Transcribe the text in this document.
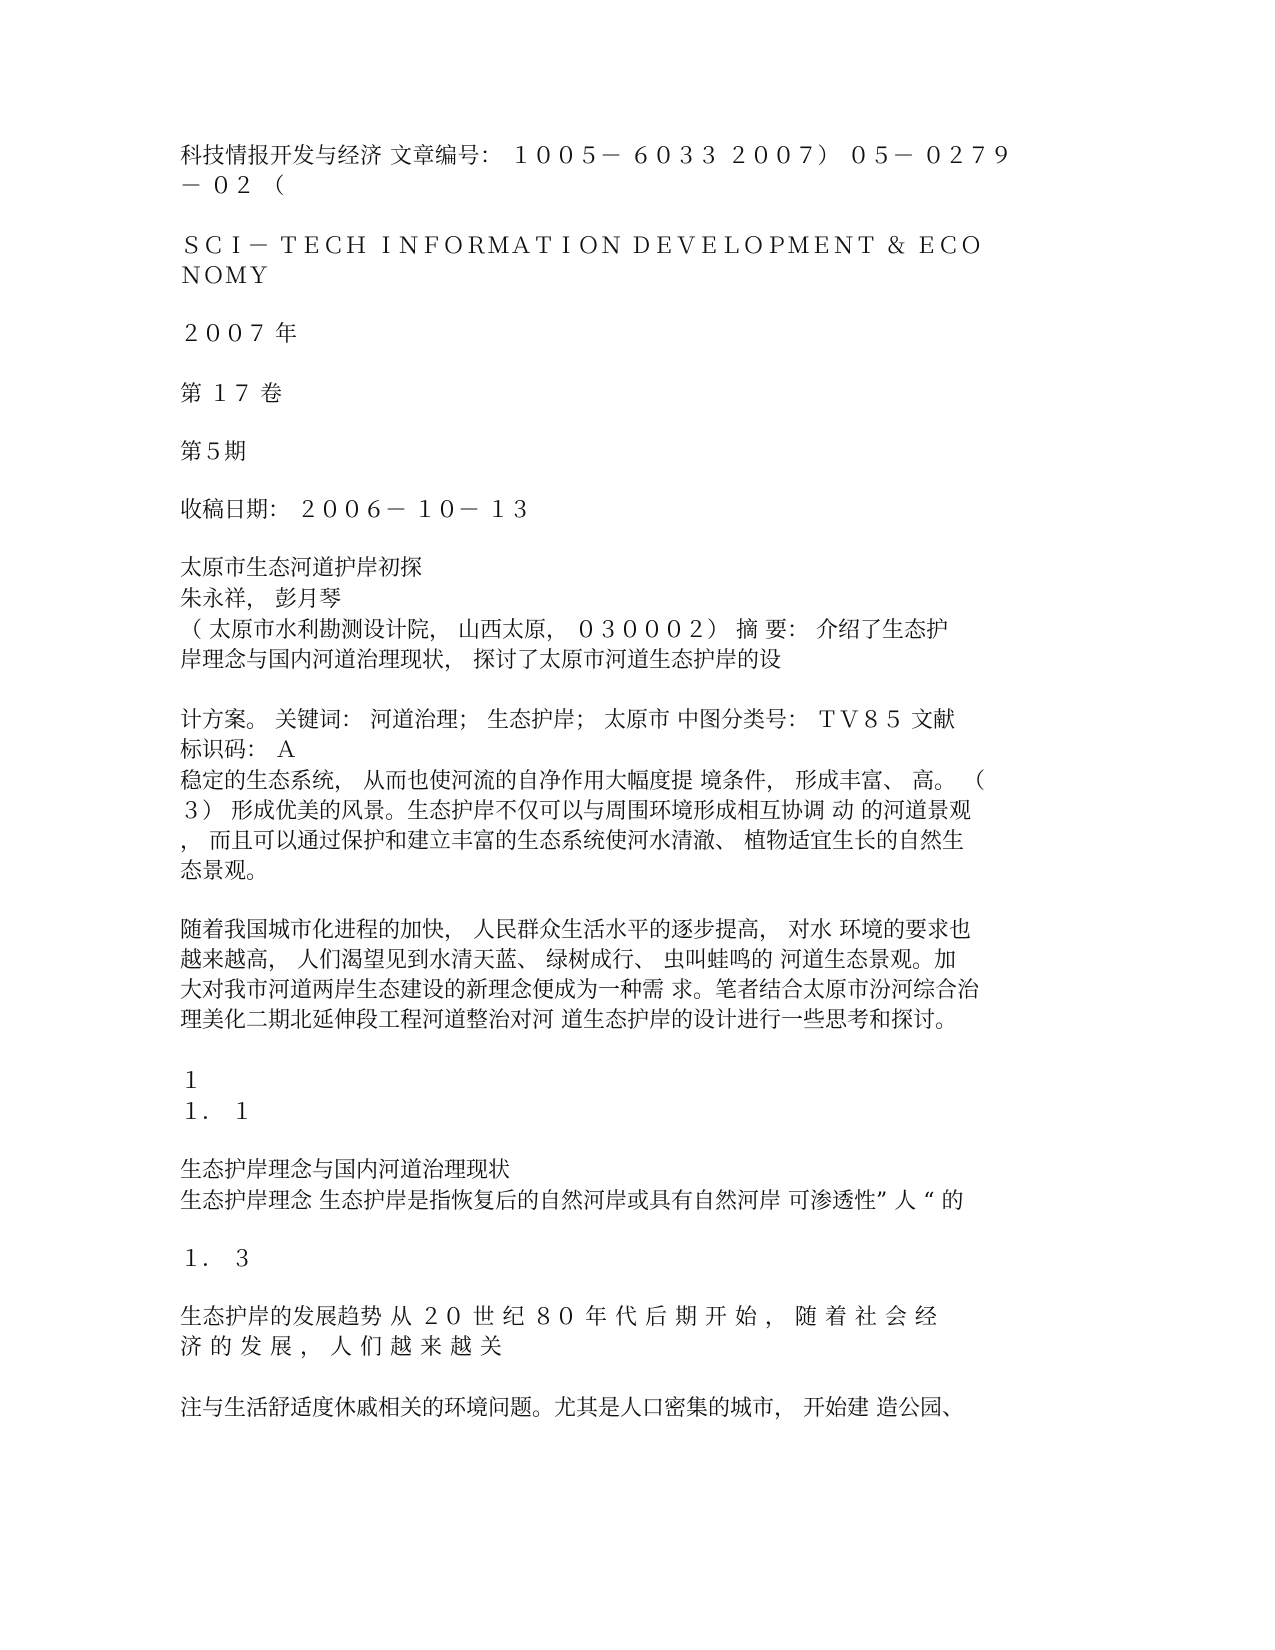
科技情报开发与经济 文章编号： １００５－ ６０３３ ２００７） ０５－ ０２７９
－ ０２ （
ＳＣＩ－ ＴＥＣＨ ＩＮＦＯＲＭＡＴＩＯＮ ＤＥＶＥＬＯＰＭＥＮＴ ＆ ＥＣＯ
ＮＯＭＹ
２００７ 年
第 １７ 卷
第５期
收稿日期： ２００６－ １０－ １３
太原市生态河道护岸初探
朱永祥， 彭月琴
（ 太原市水利勘测设计院， 山西太原， ０３０００２） 摘 要： 介绍了生态护
岸理念与国内河道治理现状， 探讨了太原市河道生态护岸的设
计方案。 关键词： 河道治理； 生态护岸； 太原市 中图分类号： ＴＶ８５ 文献
标识码： Ａ
稳定的生态系统， 从而也使河流的自净作用大幅度提 境条件， 形成丰富、 高。 （
３） 形成优美的风景。生态护岸不仅可以与周围环境形成相互协调 动 的河道景观
， 而且可以通过保护和建立丰富的生态系统使河水清澈、 植物适宜生长的自然生
态景观。
随着我国城市化进程的加快， 人民群众生活水平的逐步提高， 对水 环境的要求也
越来越高， 人们渴望见到水清天蓝、 绿树成行、 虫叫蛙鸣的 河道生态景观。加
大对我市河道两岸生态建设的新理念便成为一种需 求。笔者结合太原市汾河综合治
理美化二期北延伸段工程河道整治对河 道生态护岸的设计进行一些思考和探讨。
１
１． １
生态护岸理念与国内河道治理现状
生态护岸理念 生态护岸是指恢复后的自然河岸或具有自然河岸 可渗透性” 人 “ 的
１． ３
生态护岸的发展趋势 从 ２０ 世 纪 ８０ 年 代 后 期 开 始 ， 随 着 社 会 经
济 的 发 展 ， 人 们 越 来 越 关
注与生活舒适度休戚相关的环境问题。尤其是人口密集的城市， 开始建 造公园、
